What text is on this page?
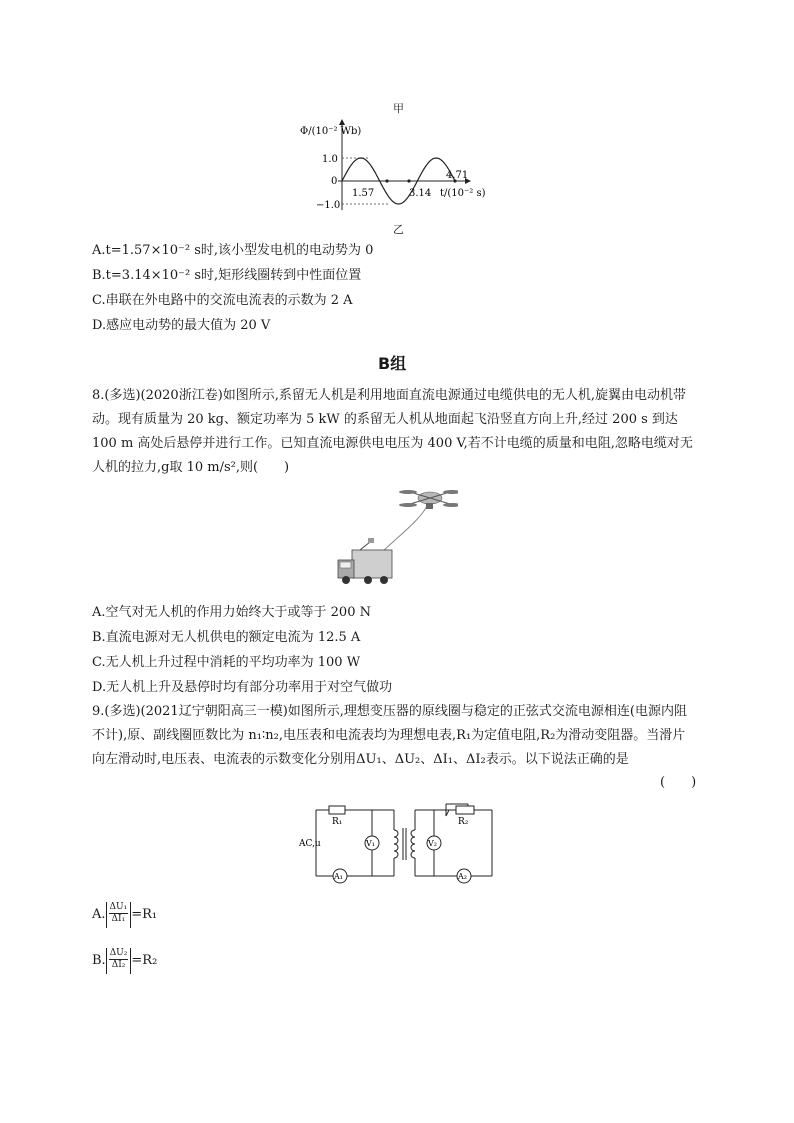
甲
Φ/(10⁻² Wb)
1.0
0
−1.0
1.57	3.14
4.71
t/(10⁻² s)
乙
A.t=1.57×10⁻² s时,该小型发电机的电动势为 0
B.t=3.14×10⁻² s时,矩形线圈转到中性面位置
C.串联在外电路中的交流电流表的示数为 2 A
D.感应电动势的最大值为 20 V
B组
8.(多选)(2020浙江卷)如图所示,系留无人机是利用地面直流电源通过电缆供电的无人机,旋翼由电动机带动。现有质量为 20 kg、额定功率为 5 kW 的系留无人机从地面起飞沿竖直方向上升,经过 200 s 到达 100 m 高处后悬停并进行工作。已知直流电源供电电压为 400 V,若不计电缆的质量和电阻,忽略电缆对无人机的拉力,g取 10 m/s²,则(　　)
A.空气对无人机的作用力始终大于或等于 200 N
B.直流电源对无人机供电的额定电流为 12.5 A
C.无人机上升过程中消耗的平均功率为 100 W
D.无人机上升及悬停时均有部分功率用于对空气做功
9.(多选)(2021辽宁朝阳高三一模)如图所示,理想变压器的原线圈与稳定的正弦式交流电源相连(电源内阻不计),原、副线圈匝数比为 n₁∶n₂,电压表和电流表均为理想电表,R₁为定值电阻,R₂为滑动变阻器。当滑片向左滑动时,电压表、电流表的示数变化分别用ΔU₁、ΔU₂、ΔI₁、ΔI₂表示。以下说法正确的是
(　　)
R₁	R₂
V₁	V₂
A₁	A₂
AC,u
A. $\frac{\text{ΔU₁}}{\text{ΔI₁}} =R_1$
B. $\frac{\text{ΔU₂}}{\text{ΔI₂}} =R_2$
